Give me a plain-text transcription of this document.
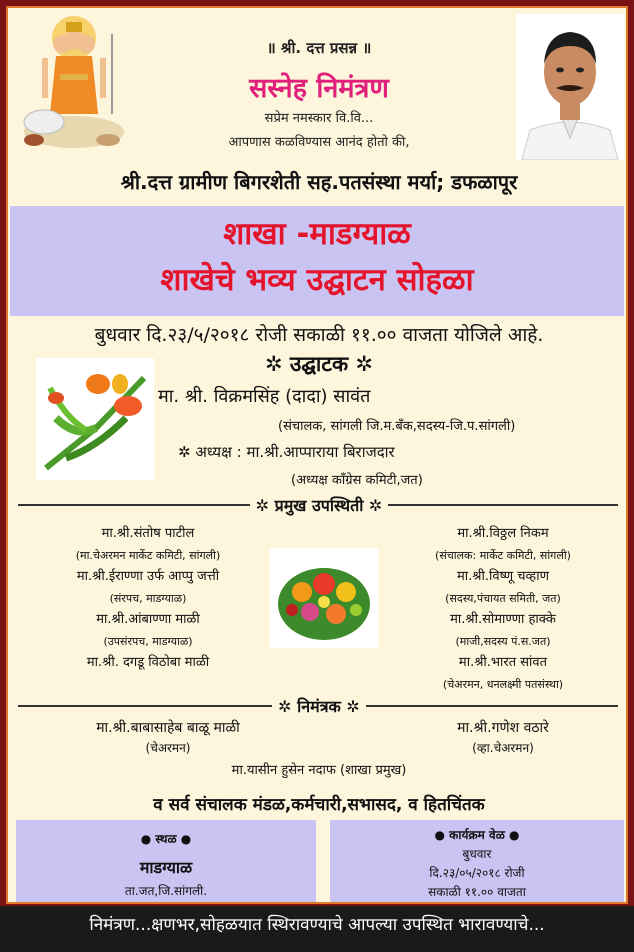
॥ श्री. दत्त प्रसन्न ॥
सस्नेह निमंत्रण
सप्रेम नमस्कार वि.वि...
आपणास कळविण्यास आनंद होतो की,
श्री.दत्त ग्रामीण बिगरशेती सह.पतसंस्था मर्या; डफळापूर
शाखा -माडग्याळ
शाखेचे भव्य उद्घाटन सोहळा
बुधवार दि.२३/५/२०१८ रोजी सकाळी ११.०० वाजता योजिले आहे.
✲ उद्घाटक ✲
मा. श्री. विक्रमसिंह (दादा) सावंत
(संचालक, सांगली जि.म.बँक,सदस्य-जि.प.सांगली)
✲ अध्यक्ष : मा.श्री.आप्पाराया बिराजदार
(अध्यक्ष कॉंग्रेस कमिटी,जत)
✲ प्रमुख उपस्थिती ✲
मा.श्री.संतोष पाटील
(मा.चेअरमन मार्केट कमिटी, सांगली)
मा.श्री.ईराण्णा उर्फ आप्पु जत्ती
(संरपच, माडग्याळ)
मा.श्री.आंबाण्णा माळी
(उपसंरपच, माडग्याळ)
मा.श्री. दगडू विठोबा माळी
मा.श्री.विठ्ठल निकम
(संचालक: मार्केट कमिटी, सांगली)
मा.श्री.विष्णू चव्हाण
(सदस्य,पंचायत समिती, जत)
मा.श्री.सोमाण्णा हाक्के
(माजी,सदस्य पं.स.जत)
मा.श्री.भारत सांवत
(चेअरमन, धनलक्ष्मी पतसंस्था)
✲ निमंत्रक ✲
मा.श्री.बाबासाहेब बाळू माळी
(चेअरमन)
मा.श्री.गणेश वठारे
(व्हा.चेअरमन)
मा.यासीन हुसेन नदाफ (शाखा प्रमुख)
व सर्व संचालक मंडळ,कर्मचारी,सभासद, व हितचिंतक
● स्थळ ●
माडग्याळ
ता.जत,जि.सांगली.
● कार्यक्रम वेळ ●
बुधवार
दि.२३/०५/२०१८ रोजी
सकाळी ११.०० वाजता
निमंत्रण...क्षणभर,सोहळयात स्थिरावण्याचे आपल्या उपस्थित भारावण्याचे...
